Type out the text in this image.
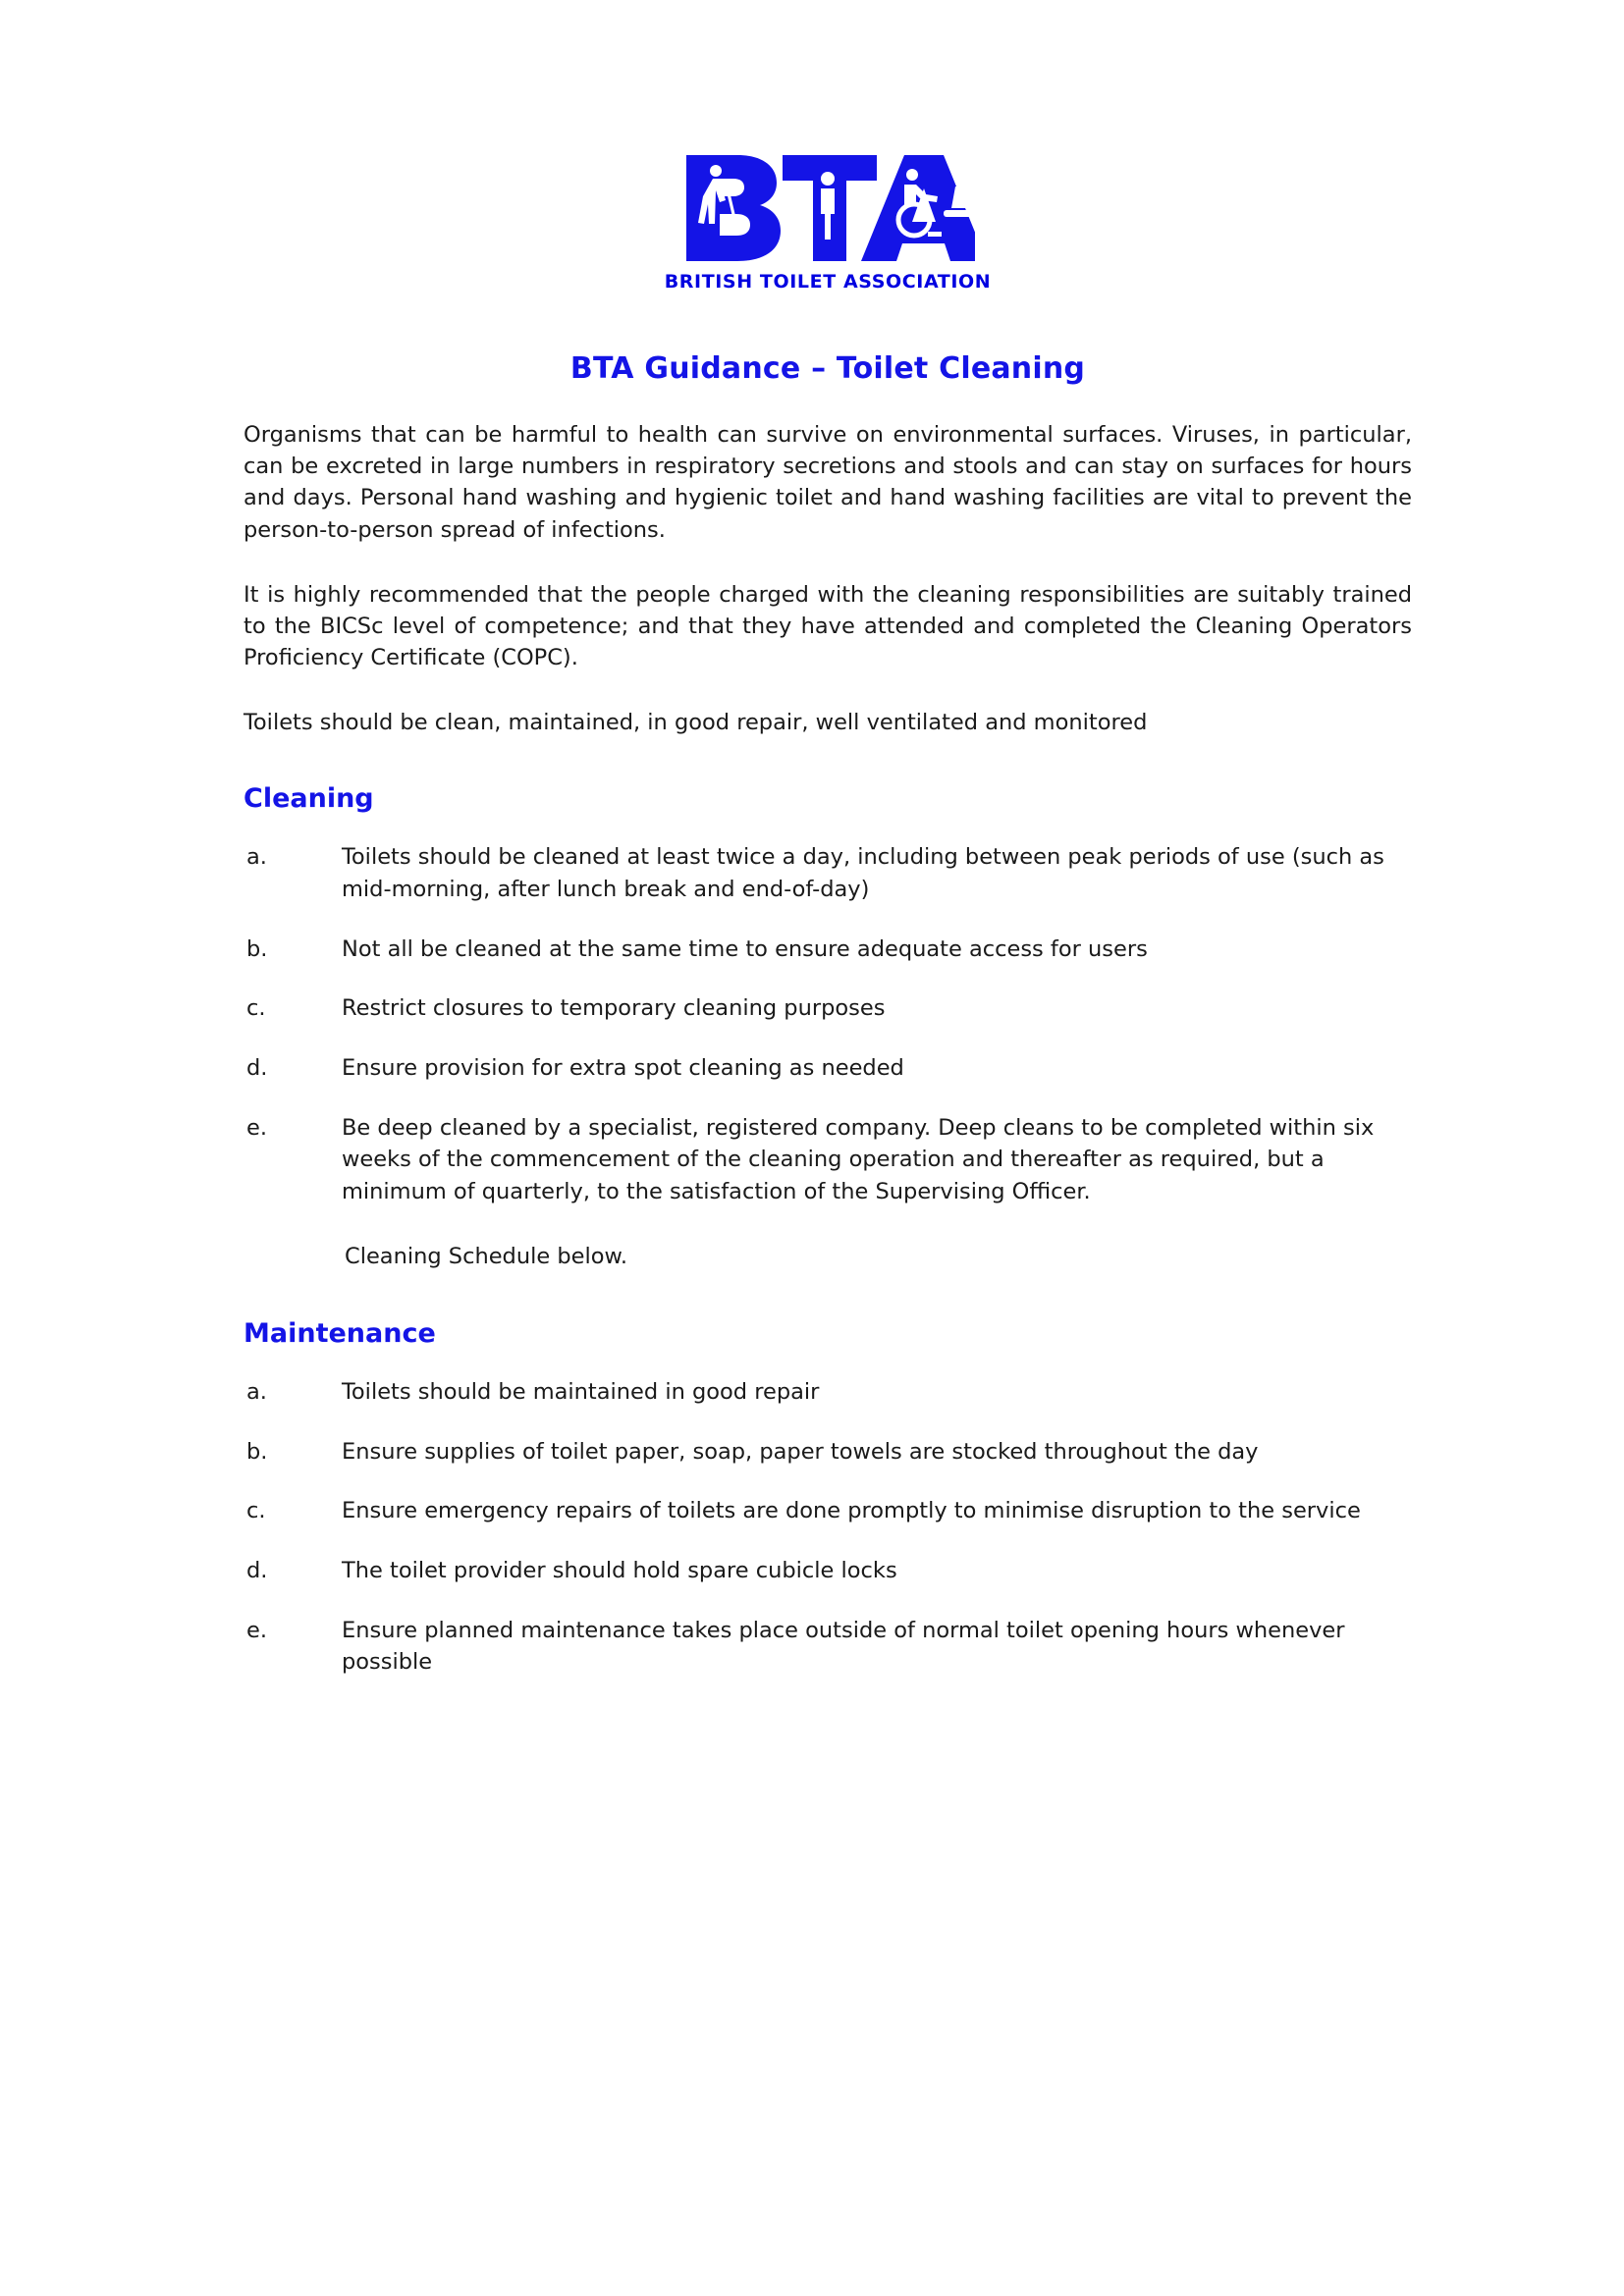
BRITISH TOILET ASSOCIATION
BTA Guidance – Toilet Cleaning

Organisms that can be harmful to health can survive on environmental surfaces. Viruses, in particular, can be excreted in large numbers in respiratory secretions and stools and can stay on surfaces for hours and days. Personal hand washing and hygienic toilet and hand washing facilities are vital to prevent the person-to-person spread of infections.

It is highly recommended that the people charged with the cleaning responsibilities are suitably trained to the BICSc level of competence; and that they have attended and completed the Cleaning Operators Proficiency Certificate (COPC).

Toilets should be clean, maintained, in good repair, well ventilated and monitored

Cleaning
a.	Toilets should be cleaned at least twice a day, including between peak periods of use (such as mid-morning, after lunch break and end-of-day)
b.	Not all be cleaned at the same time to ensure adequate access for users
c.	Restrict closures to temporary cleaning purposes
d.	Ensure provision for extra spot cleaning as needed
e.	Be deep cleaned by a specialist, registered company. Deep cleans to be completed within six weeks of the commencement of the cleaning operation and thereafter as required, but a minimum of quarterly, to the satisfaction of the Supervising Officer.
Cleaning Schedule below.
Maintenance
a.	Toilets should be maintained in good repair
b.	Ensure supplies of toilet paper, soap, paper towels are stocked throughout the day
c.	Ensure emergency repairs of toilets are done promptly to minimise disruption to the service
d.	The toilet provider should hold spare cubicle locks
e.	Ensure planned maintenance takes place outside of normal toilet opening hours whenever possible
